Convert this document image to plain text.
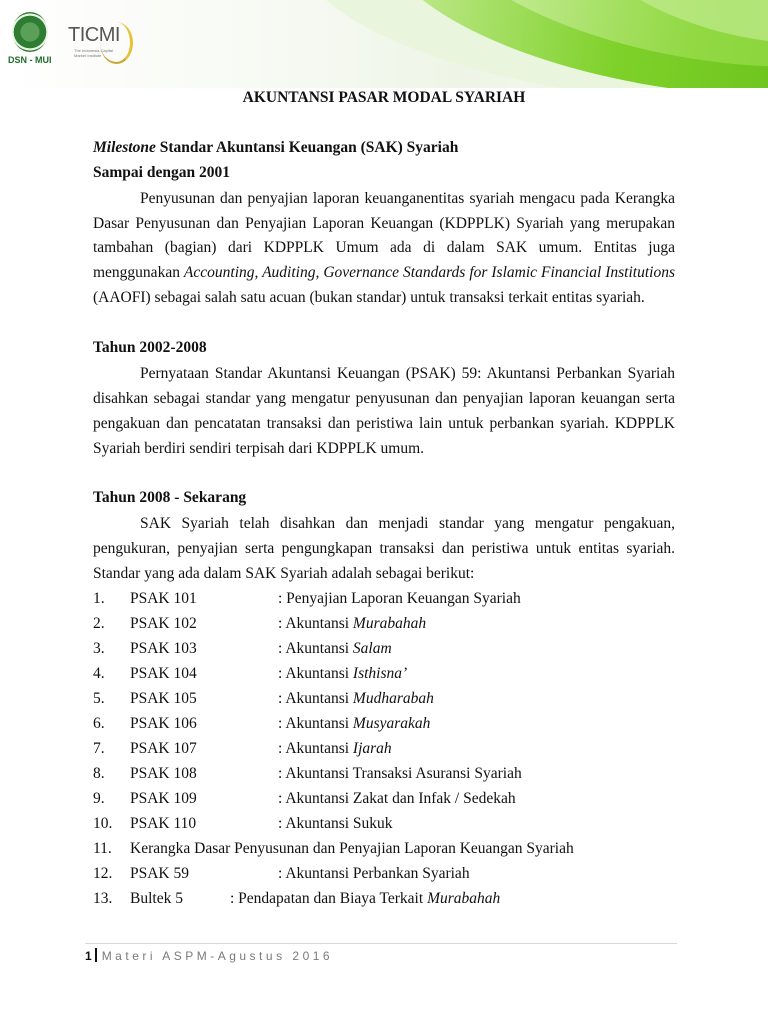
DSN - MUI
TICMI
The Indonesia Capital Market Institute
AKUNTANSI PASAR MODAL SYARIAH
Milestone Standar Akuntansi Keuangan (SAK) Syariah
Sampai dengan 2001
Penyusunan dan penyajian laporan keuanganentitas syariah mengacu pada Kerangka
Dasar Penyusunan dan Penyajian Laporan Keuangan (KDPPLK) Syariah yang merupakan
tambahan (bagian) dari KDPPLK Umum ada di dalam SAK umum. Entitas juga
menggunakan Accounting, Auditing, Governance Standards for Islamic Financial Institutions
(AAOFI) sebagai salah satu acuan (bukan standar) untuk transaksi terkait entitas syariah.
Tahun 2002-2008
Pernyataan Standar Akuntansi Keuangan (PSAK) 59: Akuntansi Perbankan Syariah
disahkan sebagai standar yang mengatur penyusunan dan penyajian laporan keuangan serta
pengakuan dan pencatatan transaksi dan peristiwa lain untuk perbankan syariah. KDPPLK
Syariah berdiri sendiri terpisah dari KDPPLK umum.
Tahun 2008 - Sekarang
SAK Syariah telah disahkan dan menjadi standar yang mengatur pengakuan,
pengukuran, penyajian serta pengungkapan transaksi dan peristiwa untuk entitas syariah.
Standar yang ada dalam SAK Syariah adalah sebagai berikut:
1. PSAK 101	: Penyajian Laporan Keuangan Syariah
2. PSAK 102	: Akuntansi Murabahah
3. PSAK 103	: Akuntansi Salam
4. PSAK 104	: Akuntansi Isthisna’
5. PSAK 105	: Akuntansi Mudharabah
6. PSAK 106	: Akuntansi Musyarakah
7. PSAK 107	: Akuntansi Ijarah
8. PSAK 108	: Akuntansi Transaksi Asuransi Syariah
9. PSAK 109	: Akuntansi Zakat dan Infak / Sedekah
10. PSAK 110	: Akuntansi Sukuk
11. Kerangka Dasar Penyusunan dan Penyajian Laporan Keuangan Syariah
12. PSAK 59	: Akuntansi Perbankan Syariah
13. Bultek 5	: Pendapatan dan Biaya Terkait Murabahah
1 Materi ASPM-Agustus 2016
